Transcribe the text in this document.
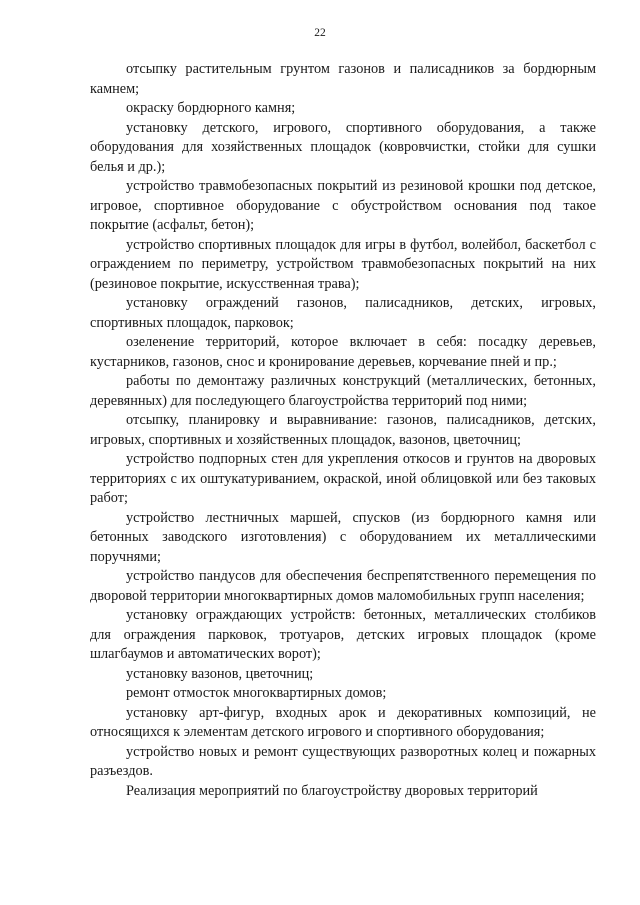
22

отсыпку растительным грунтом газонов и палисадников за бордюрным камнем;

окраску бордюрного камня;

установку детского, игрового, спортивного оборудования, а также оборудования для хозяйственных площадок (ковровчистки, стойки для сушки белья и др.);

устройство травмобезопасных покрытий из резиновой крошки под детское, игровое, спортивное оборудование с обустройством основания под такое покрытие (асфальт, бетон);

устройство спортивных площадок для игры в футбол, волейбол, баскетбол с ограждением по периметру, устройством травмобезопасных покрытий на них (резиновое покрытие, искусственная трава);

установку ограждений газонов, палисадников, детских, игровых, спортивных площадок, парковок;

озеленение территорий, которое включает в себя: посадку деревьев, кустарников, газонов, снос и кронирование деревьев, корчевание пней и пр.;

работы по демонтажу различных конструкций (металлических, бетонных, деревянных) для последующего благоустройства территорий под ними;

отсыпку, планировку и выравнивание: газонов, палисадников, детских, игровых, спортивных и хозяйственных площадок, вазонов, цветочниц;

устройство подпорных стен для укрепления откосов и грунтов на дворовых территориях с их оштукатуриванием, окраской, иной облицовкой или без таковых работ;

устройство лестничных маршей, спусков (из бордюрного камня или бетонных заводского изготовления) с оборудованием их металлическими поручнями;

устройство пандусов для обеспечения беспрепятственного перемещения по дворовой территории многоквартирных домов маломобильных групп населения;

установку ограждающих устройств: бетонных, металлических столбиков для ограждения парковок, тротуаров, детских игровых площадок (кроме шлагбаумов и автоматических ворот);

установку вазонов, цветочниц;

ремонт отмосток многоквартирных домов;

установку арт-фигур, входных арок и декоративных композиций, не относящихся к элементам детского игрового и спортивного оборудования;

устройство новых и ремонт существующих разворотных колец и пожарных разъездов.

Реализация мероприятий по благоустройству дворовых территорий
